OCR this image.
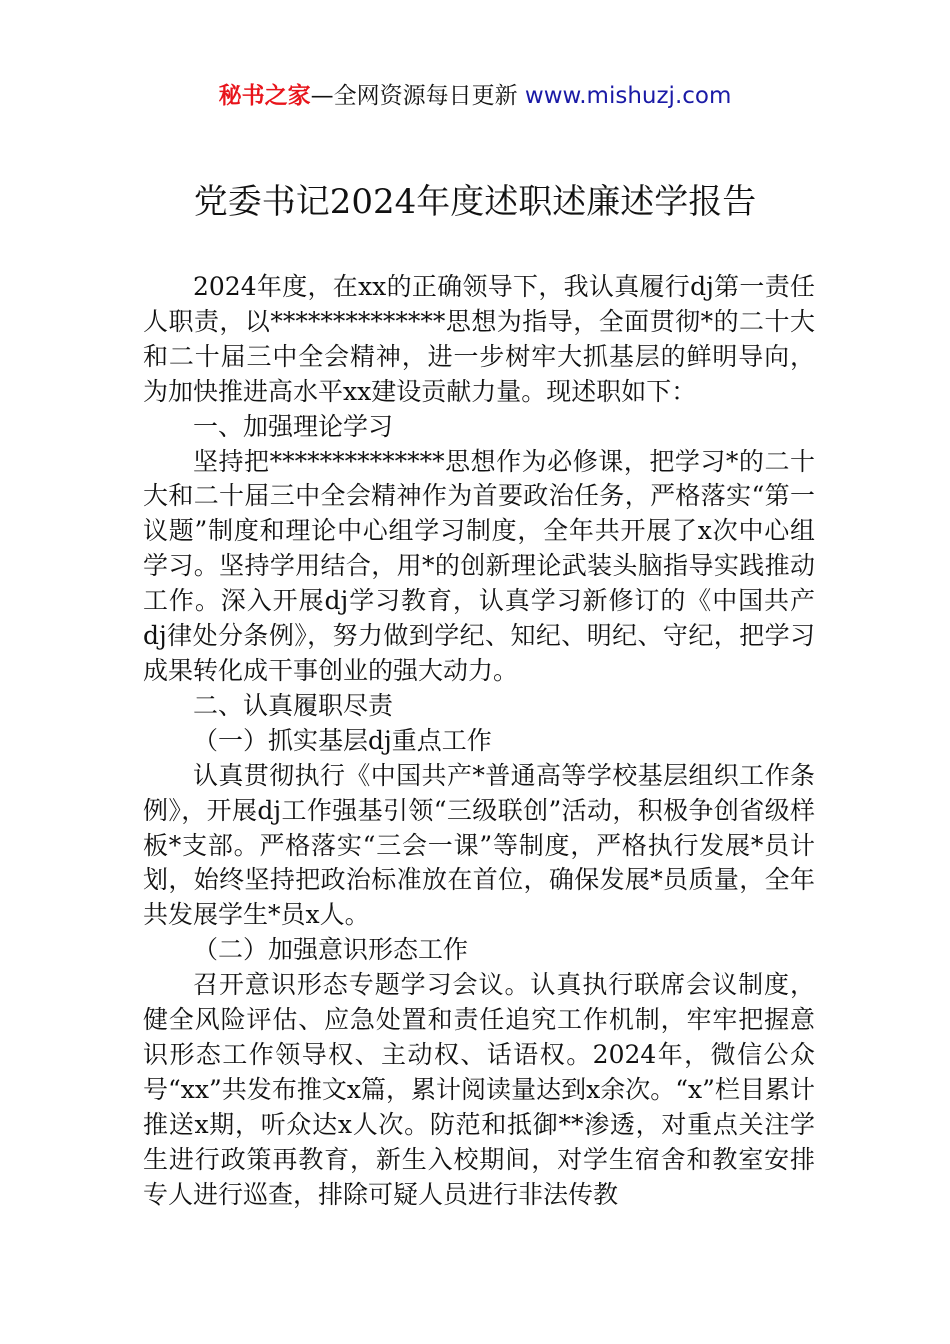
秘书之家—全网资源每日更新 www.mishuzj.com
党委书记2024年度述职述廉述学报告

2024年度，在xx的正确领导下，我认真履行dj第一责任人职责，以**************思想为指导，全面贯彻*的二十大和二十届三中全会精神，进一步树牢大抓基层的鲜明导向，为加快推进高水平xx建设贡献力量。现述职如下：

一、加强理论学习

坚持把**************思想作为必修课，把学习*的二十大和二十届三中全会精神作为首要政治任务，严格落实“第一议题”制度和理论中心组学习制度，全年共开展了x次中心组学习。坚持学用结合，用*的创新理论武装头脑指导实践推动工作。深入开展dj学习教育，认真学习新修订的《中国共产dj律处分条例》，努力做到学纪、知纪、明纪、守纪，把学习成果转化成干事创业的强大动力。

二、认真履职尽责

（一）抓实基层dj重点工作

认真贯彻执行《中国共产*普通高等学校基层组织工作条例》，开展dj工作强基引领“三级联创”活动，积极争创省级样板*支部。严格落实“三会一课”等制度，严格执行发展*员计划，始终坚持把政治标准放在首位，确保发展*员质量，全年共发展学生*员x人。

（二）加强意识形态工作

召开意识形态专题学习会议。认真执行联席会议制度，健全风险评估、应急处置和责任追究工作机制，牢牢把握意识形态工作领导权、主动权、话语权。2024年，微信公众号“xx”共发布推文x篇，累计阅读量达到x余次。“x”栏目累计推送x期，听众达x人次。防范和抵御**渗透，对重点关注学生进行政策再教育，新生入校期间，对学生宿舍和教室安排专人进行巡查，排除可疑人员进行非法传教
